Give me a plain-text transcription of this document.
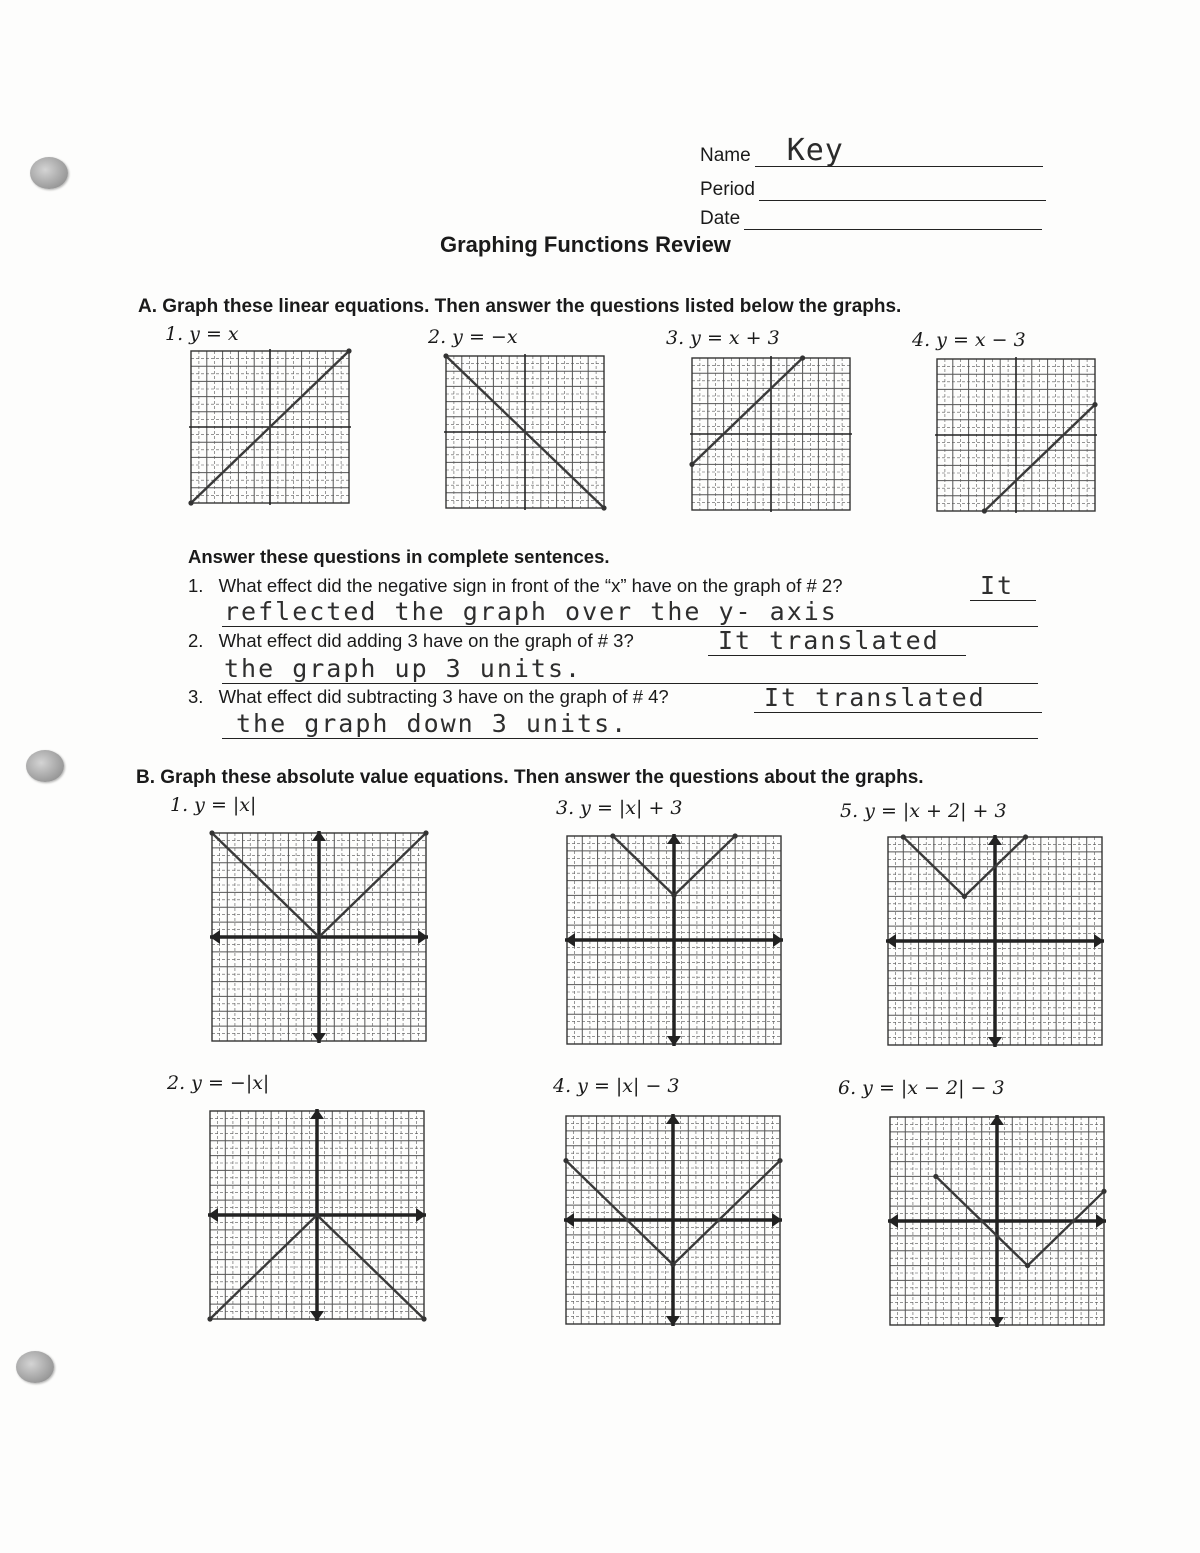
Name Key
Period
Date
Graphing Functions Review
A. Graph these linear equations. Then answer the questions listed below the graphs.
1. y = x	2. y = −x	3. y = x + 3	4. y = x − 3
Answer these questions in complete sentences.
1. What effect did the negative sign in front of the “x” have on the graph of # 2?	It
reflected the graph over the y- axis
2. What effect did adding 3 have on the graph of # 3?	It translated
the graph up 3 units.
3. What effect did subtracting 3 have on the graph of # 4?	It translated
the graph down 3 units.
B. Graph these absolute value equations. Then answer the questions about the graphs.
1. y = |x|	3. y = |x| + 3	5. y = |x + 2| + 3
2. y = −|x|	4. y = |x| − 3	6. y = |x − 2| − 3
